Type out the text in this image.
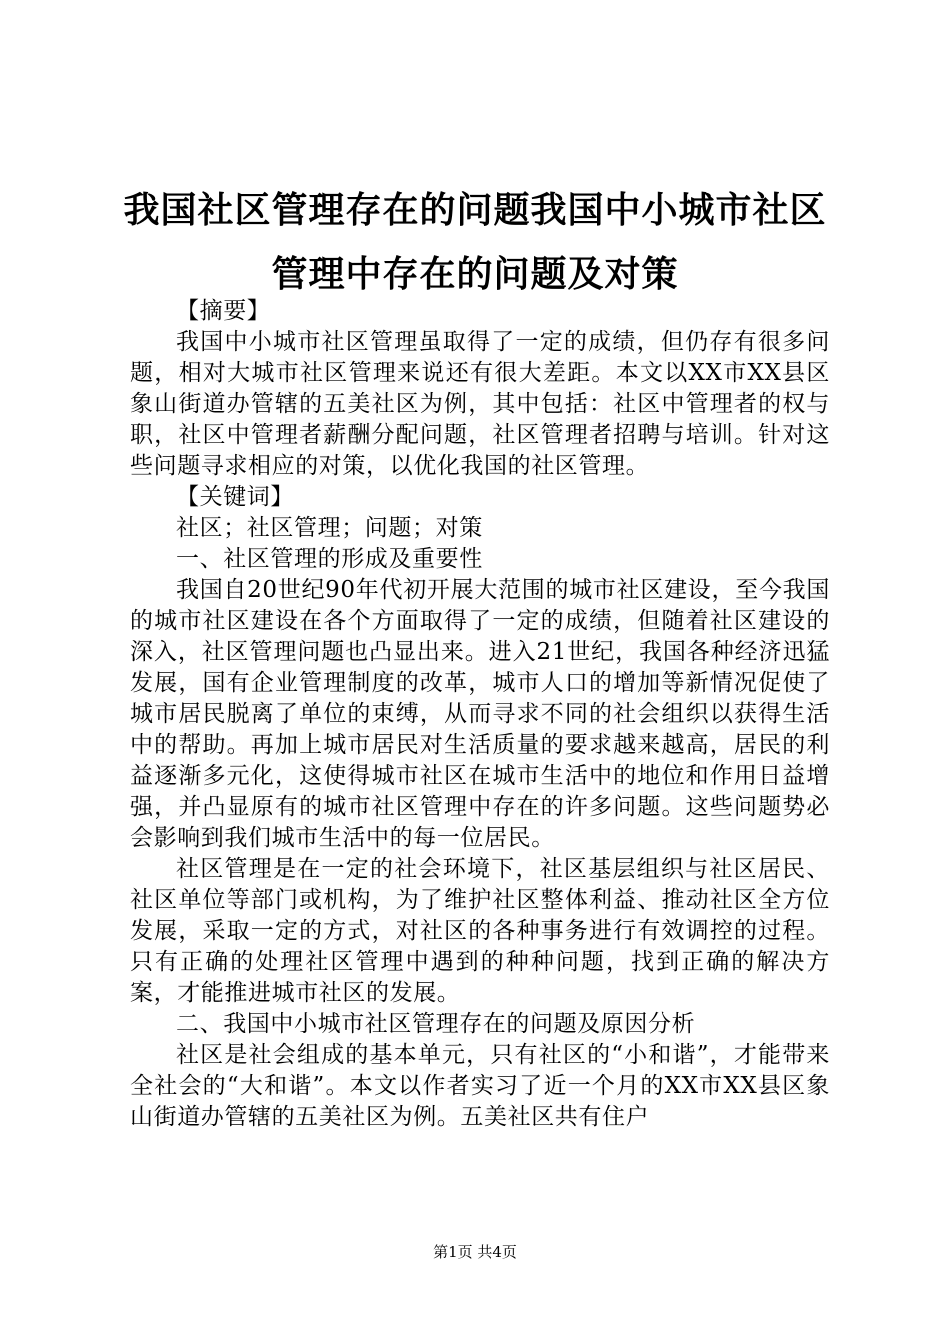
我国社区管理存在的问题我国中小城市社区管理中存在的问题及对策

【摘要】

我国中小城市社区管理虽取得了一定的成绩，但仍存有很多问题，相对大城市社区管理来说还有很大差距。本文以XX市XX县区象山街道办管辖的五美社区为例，其中包括：社区中管理者的权与职，社区中管理者薪酬分配问题，社区管理者招聘与培训。针对这些问题寻求相应的对策，以优化我国的社区管理。

【关键词】

社区；社区管理；问题；对策

一、社区管理的形成及重要性

我国自20世纪90年代初开展大范围的城市社区建设，至今我国的城市社区建设在各个方面取得了一定的成绩，但随着社区建设的深入，社区管理问题也凸显出来。进入21世纪，我国各种经济迅猛发展，国有企业管理制度的改革，城市人口的增加等新情况促使了城市居民脱离了单位的束缚，从而寻求不同的社会组织以获得生活中的帮助。再加上城市居民对生活质量的要求越来越高，居民的利益逐渐多元化，这使得城市社区在城市生活中的地位和作用日益增强，并凸显原有的城市社区管理中存在的许多问题。这些问题势必会影响到我们城市生活中的每一位居民。

社区管理是在一定的社会环境下，社区基层组织与社区居民、社区单位等部门或机构，为了维护社区整体利益、推动社区全方位发展，采取一定的方式，对社区的各种事务进行有效调控的过程。只有正确的处理社区管理中遇到的种种问题，找到正确的解决方案，才能推进城市社区的发展。

二、我国中小城市社区管理存在的问题及原因分析

社区是社会组成的基本单元，只有社区的“小和谐”，才能带来全社会的“大和谐”。本文以作者实习了近一个月的XX市XX县区象山街道办管辖的五美社区为例。五美社区共有住户

第1页 共4页
